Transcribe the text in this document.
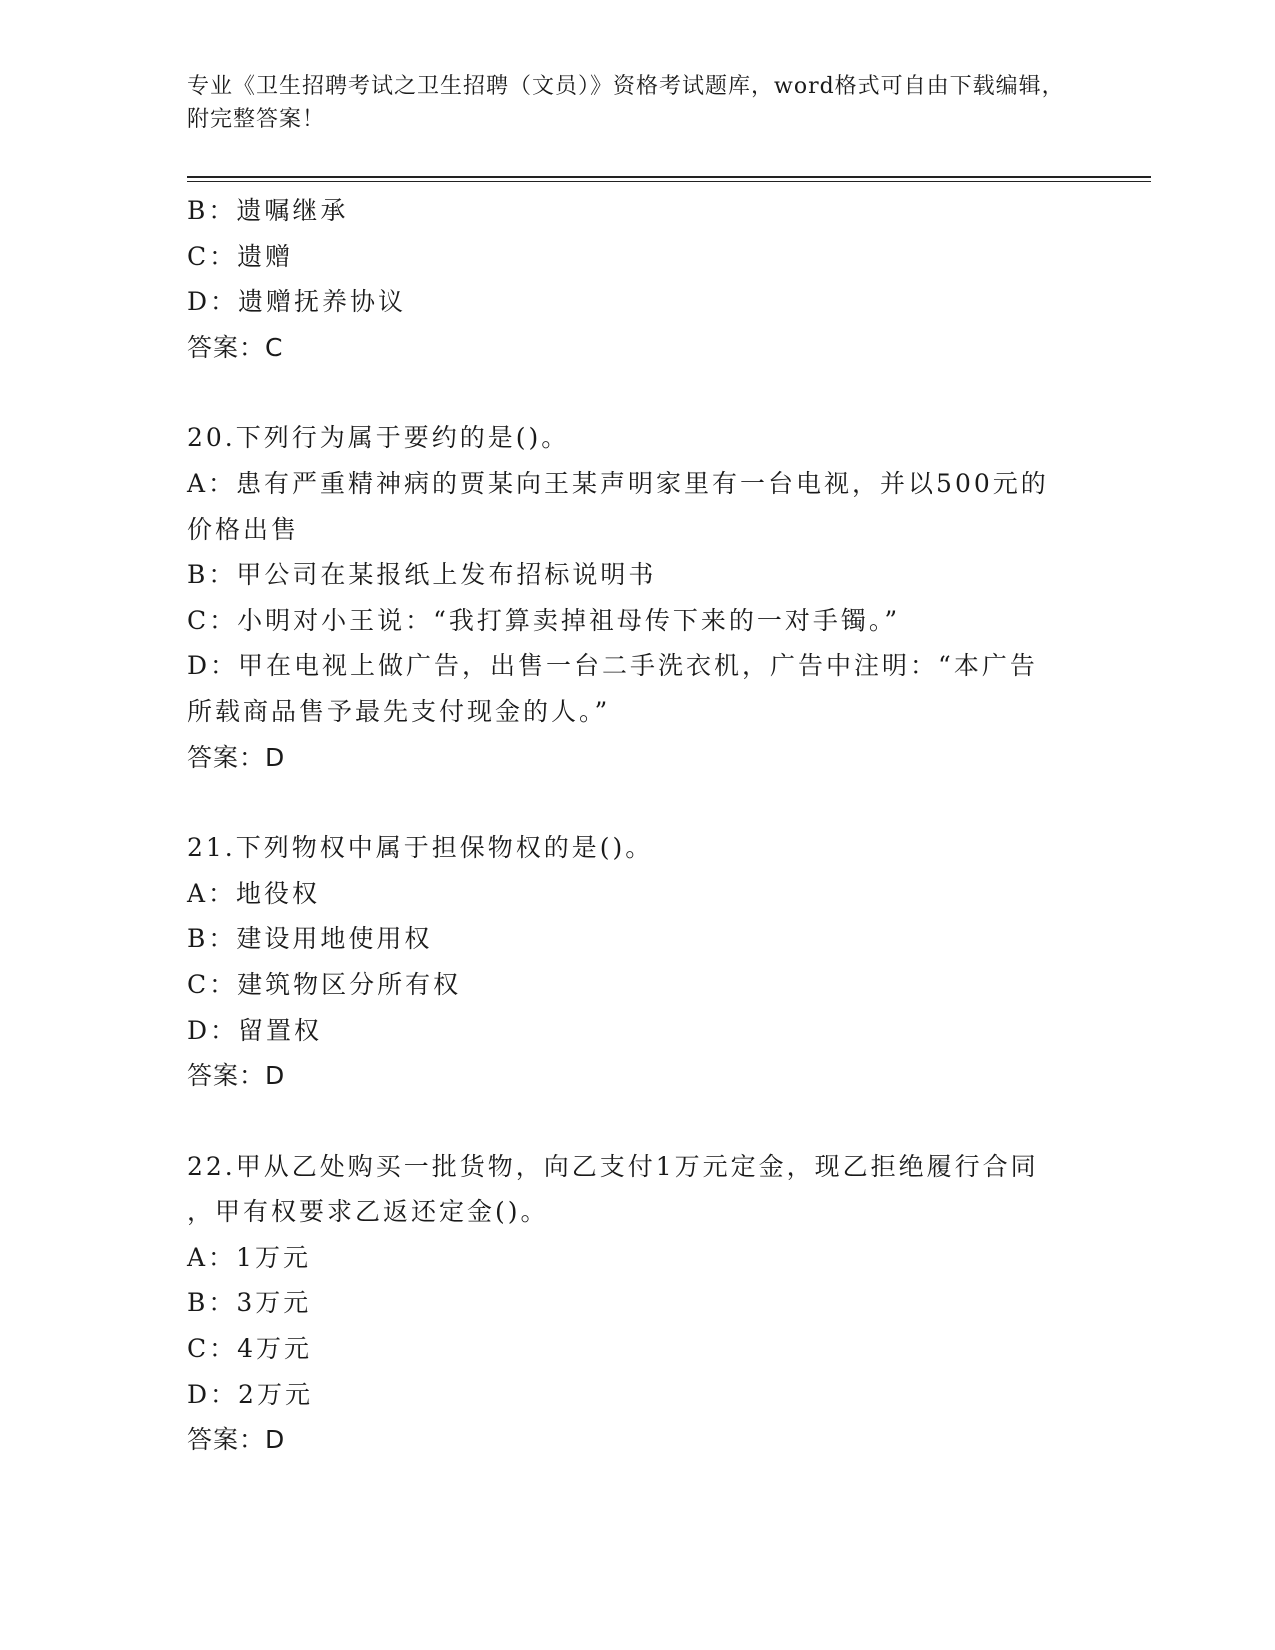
专业《卫生招聘考试之卫生招聘（文员）》资格考试题库，word格式可自由下载编辑，附完整答案！
B：遗嘱继承
C：遗赠
D：遗赠抚养协议
答案：C
20.下列行为属于要约的是()。
A：患有严重精神病的贾某向王某声明家里有一台电视，并以500元的
价格出售
B：甲公司在某报纸上发布招标说明书
C：小明对小王说：“我打算卖掉祖母传下来的一对手镯。”
D：甲在电视上做广告，出售一台二手洗衣机，广告中注明：“本广告
所载商品售予最先支付现金的人。”
答案：D
21.下列物权中属于担保物权的是()。
A：地役权
B：建设用地使用权
C：建筑物区分所有权
D：留置权
答案：D
22.甲从乙处购买一批货物，向乙支付1万元定金，现乙拒绝履行合同
，甲有权要求乙返还定金()。
A：1万元
B：3万元
C：4万元
D：2万元
答案：D
